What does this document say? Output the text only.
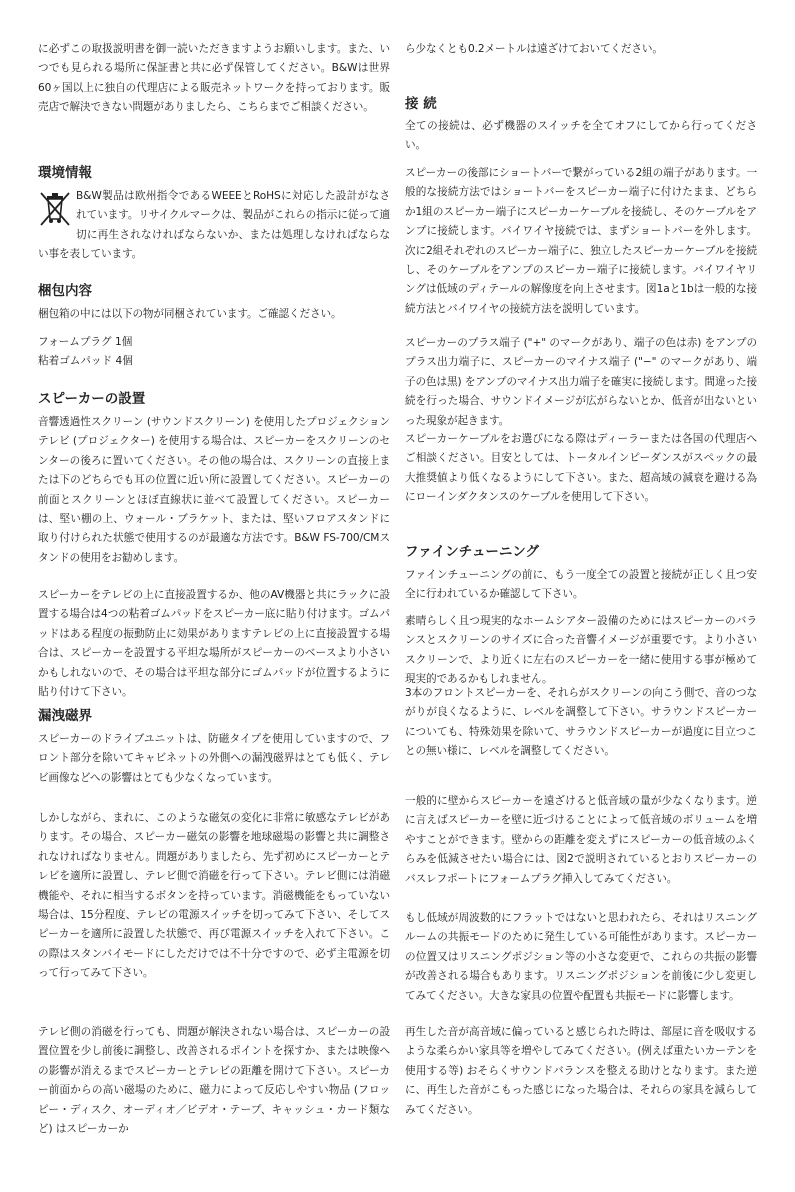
に必ずこの取扱説明書を御一読いただきますようお願いします。また、いつでも見られる場所に保証書と共に必ず保管してください。B&Wは世界60ヶ国以上に独自の代理店による販売ネットワークを持っております。販売店で解決できない問題がありましたら、こちらまでご相談ください。

環境情報

B&W製品は欧州指令であるWEEEとRoHSに対応した設計がなされています。リサイクルマークは、製品がこれらの指示に従って適切に再生されなければならないか、または処理しなければならない事を表しています。

梱包内容

梱包箱の中には以下の物が同梱されています。ご確認ください。

フォームプラグ 1個

粘着ゴムパッド 4個

スピーカーの設置

音響透過性スクリーン (サウンドスクリーン) を使用したプロジェクションテレビ (プロジェクター) を使用する場合は、スピーカーをスクリーンのセンターの後ろに置いてください。その他の場合は、スクリーンの直接上または下のどちらでも耳の位置に近い所に設置してください。スピーカーの前面とスクリーンとほぼ直線状に並べて設置してください。スピーカーは、堅い棚の上、ウォール・ブラケット、または、堅いフロアスタンドに取り付けられた状態で使用するのが最適な方法です。B&W FS-700/CMスタンドの使用をお勧めします。

スピーカーをテレビの上に直接設置するか、他のAV機器と共にラックに設置する場合は4つの粘着ゴムパッドをスピーカー底に貼り付けます。ゴムパッドはある程度の振動防止に効果がありますテレビの上に直接設置する場合は、スピーカーを設置する平坦な場所がスピーカーのベースより小さいかもしれないので、その場合は平坦な部分にゴムパッドが位置するように貼り付けて下さい。

漏洩磁界

スピーカーのドライブユニットは、防磁タイプを使用していますので、フロント部分を除いてキャビネットの外側への漏洩磁界はとても低く、テレビ画像などへの影響はとても少なくなっています。

しかしながら、まれに、このような磁気の変化に非常に敏感なテレビがあります。その場合、スピーカー磁気の影響を地球磁場の影響と共に調整されなければなりません。問題がありましたら、先ず初めにスピーカーとテレビを適所に設置し、テレビ側で消磁を行って下さい。テレビ側には消磁機能や、それに相当するボタンを持っています。消磁機能をもっていない場合は、15分程度、テレビの電源スイッチを切ってみて下さい、そしてスピーカーを適所に設置した状態で、再び電源スイッチを入れて下さい。この際はスタンバイモードにしただけでは不十分ですので、必ず主電源を切って行ってみて下さい。

テレビ側の消磁を行っても、問題が解決されない場合は、スピーカーの設置位置を少し前後に調整し、改善されるポイントを探すか、または映像への影響が消えるまでスピーカーとテレビの距離を開けて下さい。スピーカー前面からの高い磁場のために、磁力によって反応しやすい物品 (フロッピー・ディスク、オーディオ／ビデオ・テープ、キャッシュ・カード類など) はスピーカーか

ら少なくとも0.2メートルは遠ざけておいてください。

接 続

全ての接続は、必ず機器のスイッチを全てオフにしてから行ってください。

スピーカーの後部にショートバーで繋がっている2組の端子があります。一般的な接続方法ではショートバーをスピーカー端子に付けたまま、どちらか1組のスピーカー端子にスピーカーケーブルを接続し、そのケーブルをアンプに接続します。バイワイヤ接続では、まずショートバーを外します。次に2組それぞれのスピーカー端子に、独立したスピーカーケーブルを接続し、そのケーブルをアンプのスピーカー端子に接続します。バイワイヤリングは低域のディテールの解像度を向上させます。図1aと1bは一般的な接続方法とバイワイヤの接続方法を説明しています。

スピーカーのプラス端子 ("+" のマークがあり、端子の色は赤) をアンプのプラス出力端子に、スピーカーのマイナス端子 ("−" のマークがあり、端子の色は黒) をアンプのマイナス出力端子を確実に接続します。間違った接続を行った場合、サウンドイメージが広がらないとか、低音が出ないといった現象が起きます。

スピーカーケーブルをお選びになる際はディーラーまたは各国の代理店へご相談ください。目安としては、トータルインピーダンスがスペックの最大推奨値より低くなるようにして下さい。また、超高域の減衰を避ける為にローインダクタンスのケーブルを使用して下さい。

ファインチューニング

ファインチューニングの前に、もう一度全ての設置と接続が正しく且つ安全に行われているか確認して下さい。

素晴らしく且つ現実的なホームシアター設備のためにはスピーカーのバランスとスクリーンのサイズに合った音響イメージが重要です。より小さいスクリーンで、より近くに左右のスピーカーを一緒に使用する事が極めて現実的であるかもしれません。

3本のフロントスピーカーを、それらがスクリーンの向こう側で、音のつながりが良くなるように、レベルを調整して下さい。サラウンドスピーカーについても、特殊効果を除いて、サラウンドスピーカーが過度に目立つことの無い様に、レベルを調整してください。

一般的に壁からスピーカーを遠ざけると低音域の量が少なくなります。逆に言えばスピーカーを壁に近づけることによって低音域のボリュームを増やすことができます。壁からの距離を変えずにスピーカーの低音域のふくらみを低減させたい場合には、図2で説明されているとおりスピーカーのバスレフポートにフォームプラグ挿入してみてください。

もし低域が周波数的にフラットではないと思われたら、それはリスニングルームの共振モードのために発生している可能性があります。スピーカーの位置又はリスニングポジション等の小さな変更で、これらの共振の影響が改善される場合もあります。リスニングポジションを前後に少し変更してみてください。大きな家具の位置や配置も共振モードに影響します。

再生した音が高音域に偏っていると感じられた時は、部屋に音を吸収するような柔らかい家具等を増やしてみてください。(例えば重たいカーテンを使用する等) おそらくサウンドバランスを整える助けとなります。また逆に、再生した音がこもった感じになった場合は、それらの家具を減らしてみてください。
